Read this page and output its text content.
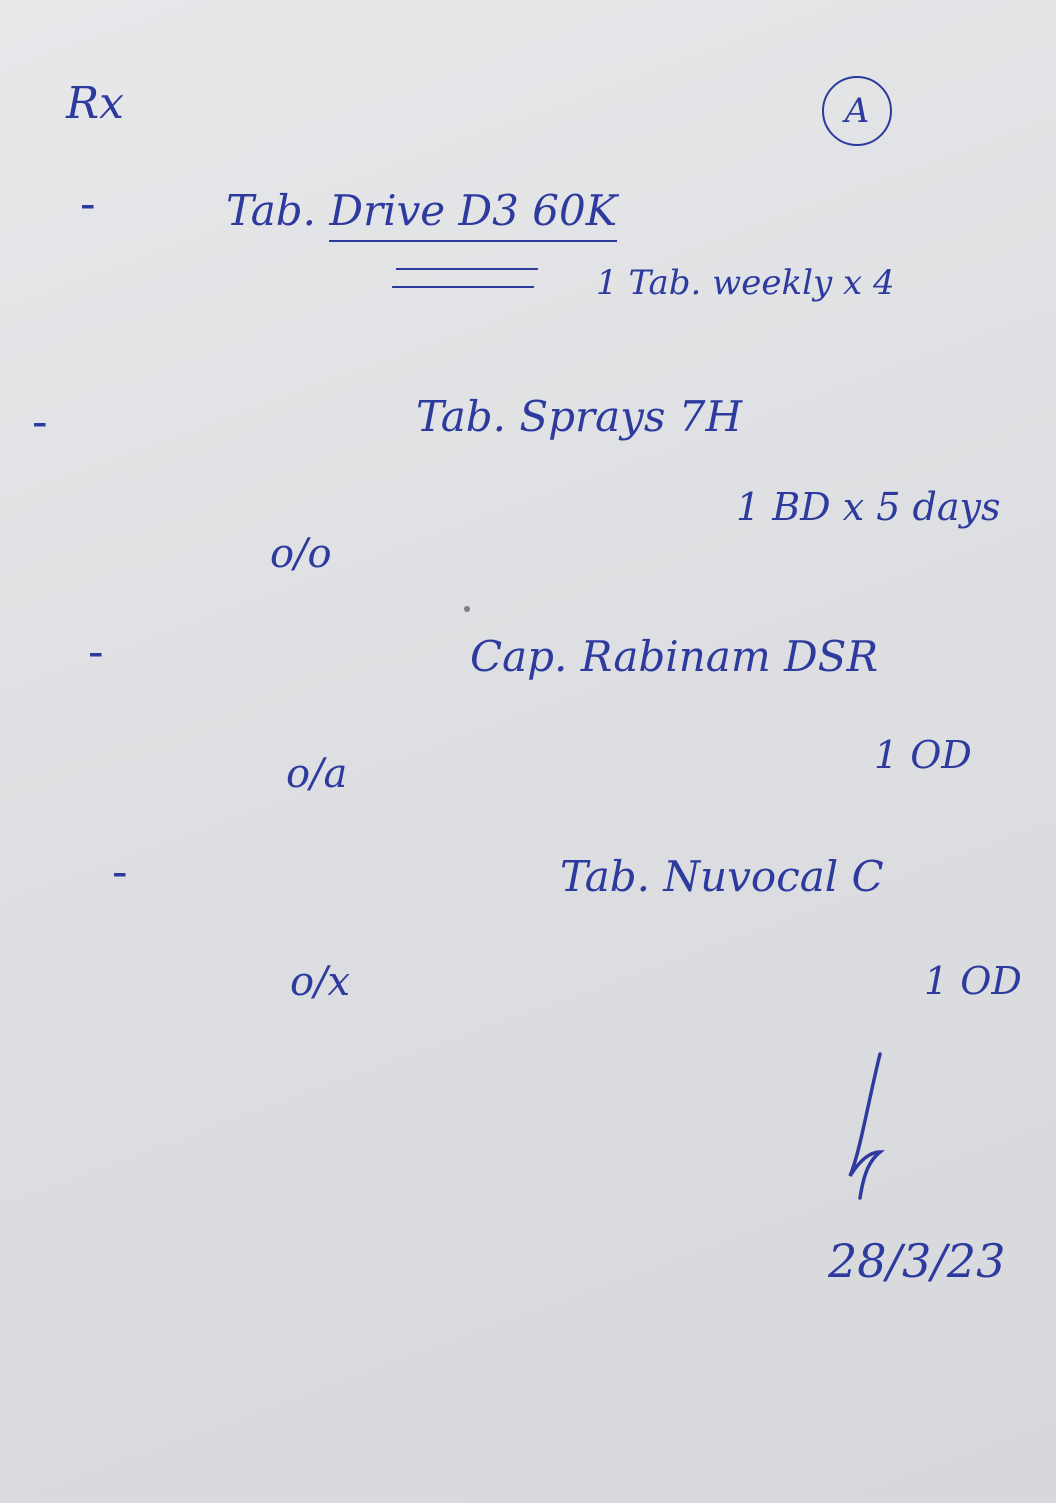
Rx	A
-	Tab. Drive D3 60K
1 Tab. weekly x 4
-	Tab. Sprays 7H
1 BD x 5 days
o/o
-	Cap. Rabinam DSR
1 OD
o/a
-	Tab. Nuvocal C
1 OD
o/x
28/3/23
